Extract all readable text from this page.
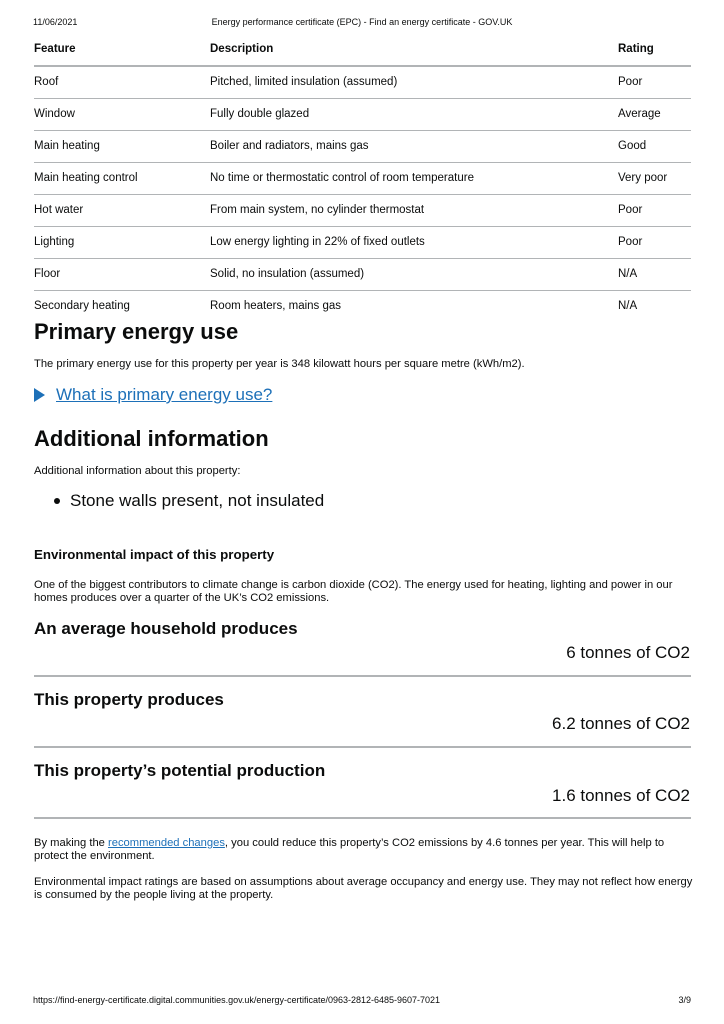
11/06/2021	Energy performance certificate (EPC) - Find an energy certificate - GOV.UK
Feature	Description	Rating
Roof	Pitched, limited insulation (assumed)	Poor
Window	Fully double glazed	Average
Main heating	Boiler and radiators, mains gas	Good
Main heating control	No time or thermostatic control of room temperature	Very poor
Hot water	From main system, no cylinder thermostat	Poor
Lighting	Low energy lighting in 22% of fixed outlets	Poor
Floor	Solid, no insulation (assumed)	N/A
Secondary heating	Room heaters, mains gas	N/A
Primary energy use
The primary energy use for this property per year is 348 kilowatt hours per square metre (kWh/m2).
What is primary energy use?
Additional information
Additional information about this property:
Stone walls present, not insulated
Environmental impact of this property
One of the biggest contributors to climate change is carbon dioxide (CO2). The energy used for heating, lighting and power in our homes produces over a quarter of the UK’s CO2 emissions.
An average household produces
6 tonnes of CO2
This property produces
6.2 tonnes of CO2
This property’s potential production
1.6 tonnes of CO2
By making the recommended changes, you could reduce this property’s CO2 emissions by 4.6 tonnes per year. This will help to protect the environment.
Environmental impact ratings are based on assumptions about average occupancy and energy use. They may not reflect how energy is consumed by the people living at the property.
https://find-energy-certificate.digital.communities.gov.uk/energy-certificate/0963-2812-6485-9607-7021	3/9
